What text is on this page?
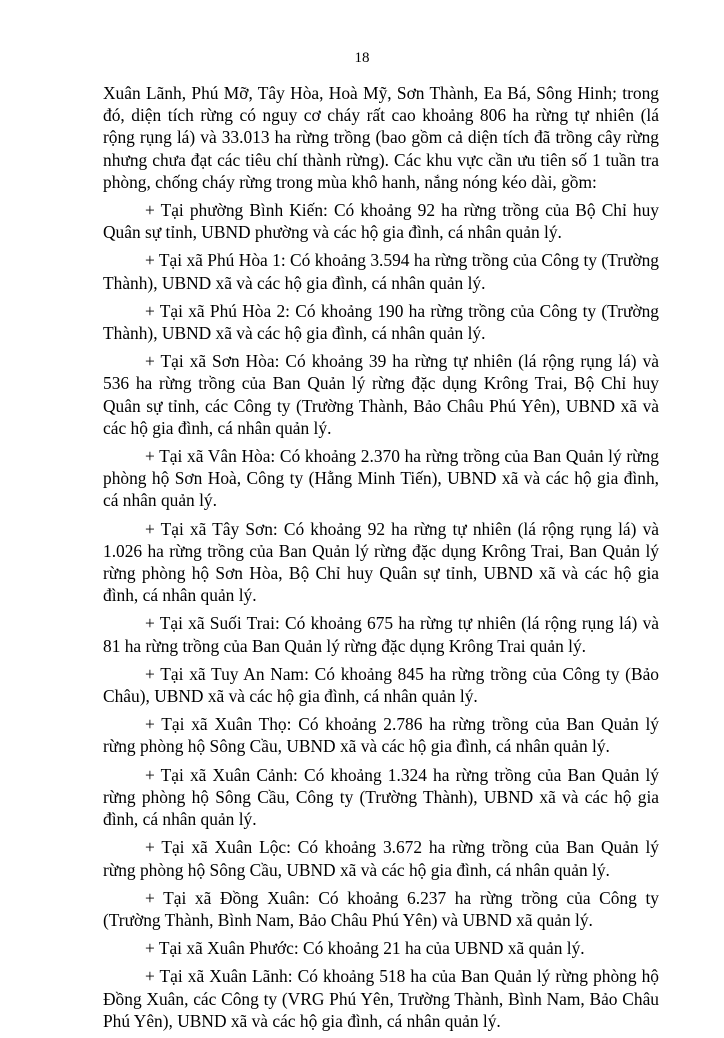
18

Xuân Lãnh, Phú Mỡ, Tây Hòa, Hoà Mỹ, Sơn Thành, Ea Bá, Sông Hinh; trong đó, diện tích rừng có nguy cơ cháy rất cao khoảng 806 ha rừng tự nhiên (lá rộng rụng lá) và 33.013 ha rừng trồng (bao gồm cả diện tích đã trồng cây rừng nhưng chưa đạt các tiêu chí thành rừng). Các khu vực cần ưu tiên số 1 tuần tra phòng, chống cháy rừng trong mùa khô hanh, nắng nóng kéo dài, gồm:

+ Tại phường Bình Kiến: Có khoảng 92 ha rừng trồng của Bộ Chỉ huy Quân sự tỉnh, UBND phường và các hộ gia đình, cá nhân quản lý.

+ Tại xã Phú Hòa 1: Có khoảng 3.594 ha rừng trồng của Công ty (Trường Thành), UBND xã và các hộ gia đình, cá nhân quản lý.

+ Tại xã Phú Hòa 2: Có khoảng 190 ha rừng trồng của Công ty (Trường Thành), UBND xã và các hộ gia đình, cá nhân quản lý.

+ Tại xã Sơn Hòa: Có khoảng 39 ha rừng tự nhiên (lá rộng rụng lá) và 536 ha rừng trồng của Ban Quản lý rừng đặc dụng Krông Trai, Bộ Chỉ huy Quân sự tỉnh, các Công ty (Trường Thành, Bảo Châu Phú Yên), UBND xã và các hộ gia đình, cá nhân quản lý.

+ Tại xã Vân Hòa: Có khoảng 2.370 ha rừng trồng của Ban Quản lý rừng phòng hộ Sơn Hoà, Công ty (Hằng Minh Tiến), UBND xã và các hộ gia đình, cá nhân quản lý.

+ Tại xã Tây Sơn: Có khoảng 92 ha rừng tự nhiên (lá rộng rụng lá) và 1.026 ha rừng trồng của Ban Quản lý rừng đặc dụng Krông Trai, Ban Quản lý rừng phòng hộ Sơn Hòa, Bộ Chỉ huy Quân sự tỉnh, UBND xã và các hộ gia đình, cá nhân quản lý.

+ Tại xã Suối Trai: Có khoảng 675 ha rừng tự nhiên (lá rộng rụng lá) và 81 ha rừng trồng của Ban Quản lý rừng đặc dụng Krông Trai quản lý.

+ Tại xã Tuy An Nam: Có khoảng 845 ha rừng trồng của Công ty (Bảo Châu), UBND xã và các hộ gia đình, cá nhân quản lý.

+ Tại xã Xuân Thọ: Có khoảng 2.786 ha rừng trồng của Ban Quản lý rừng phòng hộ Sông Cầu, UBND xã và các hộ gia đình, cá nhân quản lý.

+ Tại xã Xuân Cảnh: Có khoảng 1.324 ha rừng trồng của Ban Quản lý rừng phòng hộ Sông Cầu, Công ty (Trường Thành), UBND xã và các hộ gia đình, cá nhân quản lý.

+ Tại xã Xuân Lộc: Có khoảng 3.672 ha rừng trồng của Ban Quản lý rừng phòng hộ Sông Cầu, UBND xã và các hộ gia đình, cá nhân quản lý.

+ Tại xã Đồng Xuân: Có khoảng 6.237 ha rừng trồng của Công ty (Trường Thành, Bình Nam, Bảo Châu Phú Yên) và UBND xã quản lý.

+ Tại xã Xuân Phước: Có khoảng 21 ha của UBND xã quản lý.

+ Tại xã Xuân Lãnh: Có khoảng 518 ha của Ban Quản lý rừng phòng hộ Đồng Xuân, các Công ty (VRG Phú Yên, Trường Thành, Bình Nam, Bảo Châu Phú Yên), UBND xã và các hộ gia đình, cá nhân quản lý.
